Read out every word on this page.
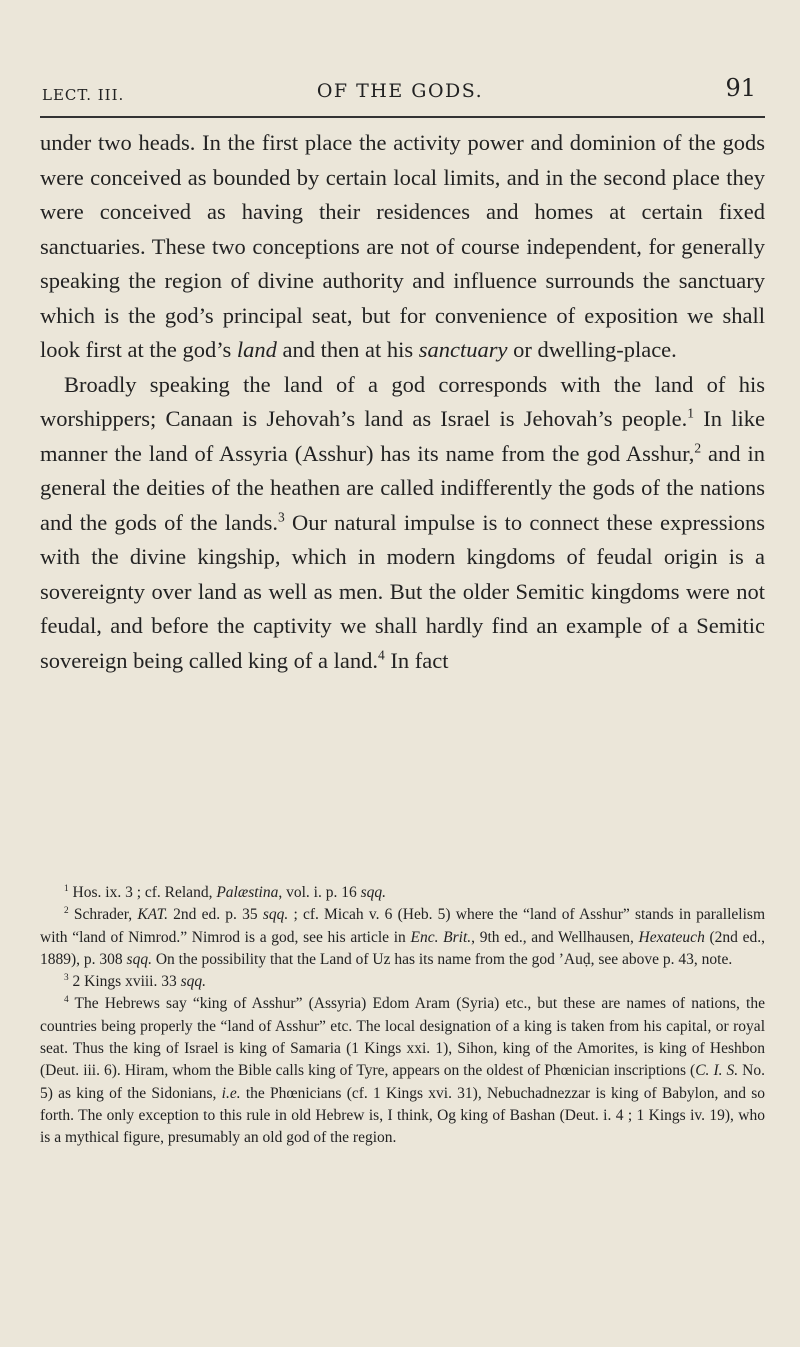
LECT. III.	OF THE GODS.	91

under two heads. In the first place the activity power and dominion of the gods were conceived as bounded by certain local limits, and in the second place they were conceived as having their residences and homes at certain fixed sanctuaries. These two conceptions are not of course independent, for generally speaking the region of divine authority and influence surrounds the sanctuary which is the god’s principal seat, but for convenience of exposition we shall look first at the god’s land and then at his sanctuary or dwelling-place.

Broadly speaking the land of a god corresponds with the land of his worshippers; Canaan is Jehovah’s land as Israel is Jehovah’s people.$^1$ In like manner the land of Assyria (Asshur) has its name from the god Asshur,$^2$ and in general the deities of the heathen are called indifferently the gods of the nations and the gods of the lands.$^3$ Our natural impulse is to connect these expressions with the divine kingship, which in modern kingdoms of feudal origin is a sovereignty over land as well as men. But the older Semitic kingdoms were not feudal, and before the captivity we shall hardly find an example of a Semitic sovereign being called king of a land.$^4$ In fact

$^1$ Hos. ix. 3 ; cf. Reland, Palæstina, vol. i. p. 16 sqq.

$^2$ Schrader, KAT. 2nd ed. p. 35 sqq. ; cf. Micah v. 6 (Heb. 5) where the “land of Asshur” stands in parallelism with “land of Nimrod.” Nimrod is a god, see his article in Enc. Brit., 9th ed., and Wellhausen, Hexateuch (2nd ed., 1889), p. 308 sqq. On the possibility that the Land of Uz has its name from the god ’Auḍ, see above p. 43, note.

$^3$ 2 Kings xviii. 33 sqq.

$^4$ The Hebrews say “king of Asshur” (Assyria) Edom Aram (Syria) etc., but these are names of nations, the countries being properly the “land of Asshur” etc. The local designation of a king is taken from his capital, or royal seat. Thus the king of Israel is king of Samaria (1 Kings xxi. 1), Sihon, king of the Amorites, is king of Heshbon (Deut. iii. 6). Hiram, whom the Bible calls king of Tyre, appears on the oldest of Phœnician inscriptions (C. I. S. No. 5) as king of the Sidonians, i.e. the Phœnicians (cf. 1 Kings xvi. 31), Nebuchadnezzar is king of Babylon, and so forth. The only exception to this rule in old Hebrew is, I think, Og king of Bashan (Deut. i. 4 ; 1 Kings iv. 19), who is a mythical figure, presumably an old god of the region.
